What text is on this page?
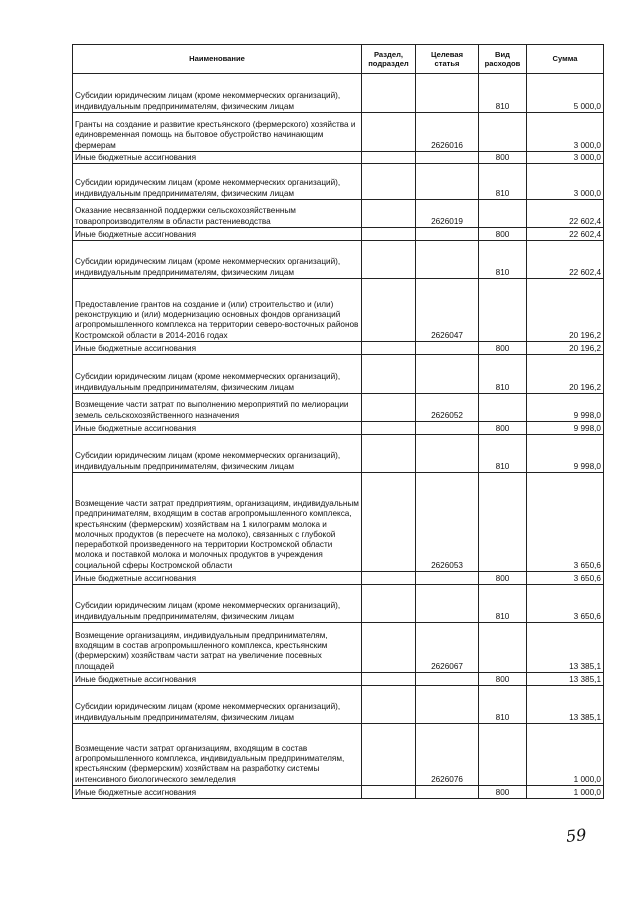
Наименование	Раздел, подраздел	Целевая статья	Вид расходов	Сумма
Субсидии юридическим лицам (кроме некоммерческих организаций), индивидуальным предпринимателям, физическим лицам			810	5 000,0
Гранты на создание и развитие крестьянского (фермерского) хозяйства и единовременная помощь на бытовое обустройство начинающим фермерам		2626016		3 000,0
Иные бюджетные ассигнования			800	3 000,0
Субсидии юридическим лицам (кроме некоммерческих организаций), индивидуальным предпринимателям, физическим лицам			810	3 000,0
Оказание несвязанной поддержки сельскохозяйственным товаропроизводителям в области растениеводства		2626019		22 602,4
Иные бюджетные ассигнования			800	22 602,4
Субсидии юридическим лицам (кроме некоммерческих организаций), индивидуальным предпринимателям, физическим лицам			810	22 602,4
Предоставление грантов на создание и (или) строительство и (или) реконструкцию и (или) модернизацию основных фондов организаций агропромышленного комплекса на территории северо-восточных районов Костромской области в 2014-2016 годах		2626047		20 196,2
Иные бюджетные ассигнования			800	20 196,2
Субсидии юридическим лицам (кроме некоммерческих организаций), индивидуальным предпринимателям, физическим лицам			810	20 196,2
Возмещение части затрат по выполнению мероприятий по мелиорации земель сельскохозяйственного назначения		2626052		9 998,0
Иные бюджетные ассигнования			800	9 998,0
Субсидии юридическим лицам (кроме некоммерческих организаций), индивидуальным предпринимателям, физическим лицам			810	9 998,0
Возмещение части затрат предприятиям, организациям, индивидуальным предпринимателям, входящим в состав агропромышленного комплекса, крестьянским (фермерским) хозяйствам на 1 килограмм молока и молочных продуктов (в пересчете на молоко), связанных с глубокой переработкой произведенного на территории Костромской области молока и поставкой молока и молочных продуктов в учреждения социальной сферы Костромской области		2626053		3 650,6
Иные бюджетные ассигнования			800	3 650,6
Субсидии юридическим лицам (кроме некоммерческих организаций), индивидуальным предпринимателям, физическим лицам			810	3 650,6
Возмещение организациям, индивидуальным предпринимателям, входящим в состав агропромышленного комплекса, крестьянским (фермерским) хозяйствам части затрат на увеличение посевных площадей		2626067		13 385,1
Иные бюджетные ассигнования			800	13 385,1
Субсидии юридическим лицам (кроме некоммерческих организаций), индивидуальным предпринимателям, физическим лицам			810	13 385,1
Возмещение части затрат организациям, входящим в состав агропромышленного комплекса, индивидуальным предпринимателям, крестьянским (фермерским) хозяйствам на разработку системы интенсивного биологического земледелия		2626076		1 000,0
Иные бюджетные ассигнования			800	1 000,0
59
